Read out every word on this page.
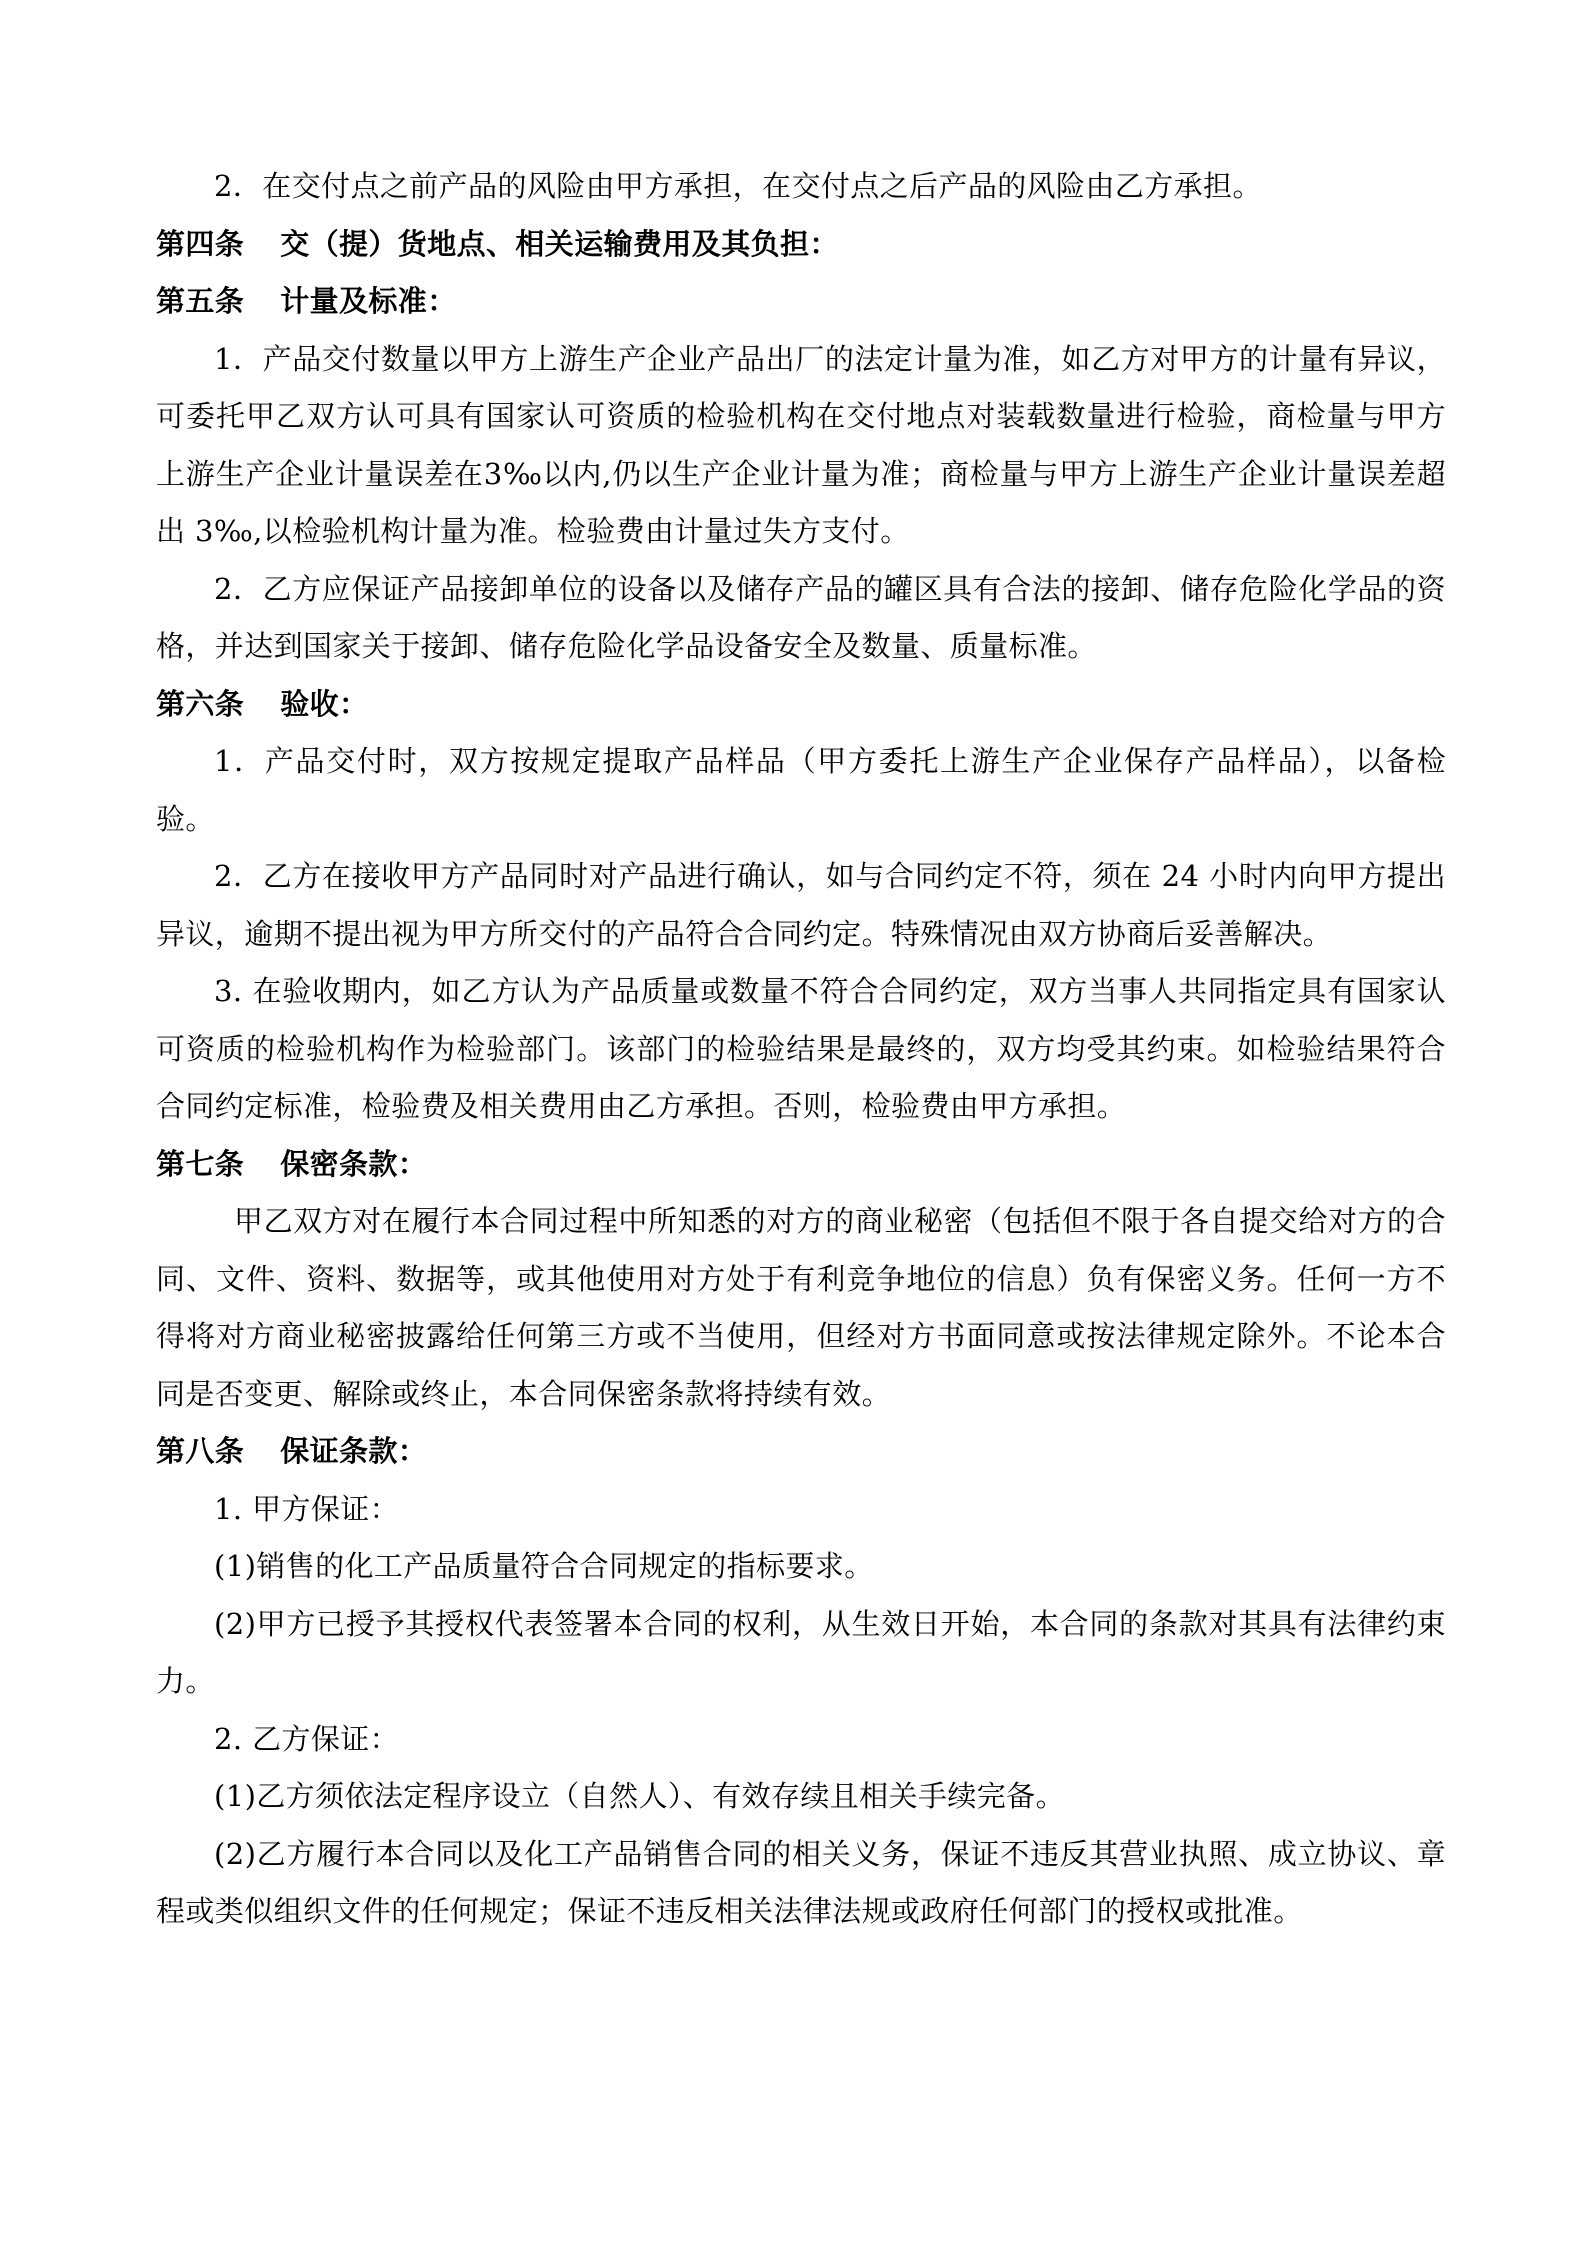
2．在交付点之前产品的风险由甲方承担，在交付点之后产品的风险由乙方承担。

第四条 交（提）货地点、相关运输费用及其负担：

第五条 计量及标准：

1．产品交付数量以甲方上游生产企业产品出厂的法定计量为准，如乙方对甲方的计量有异议， 可委托甲乙双方认可具有国家认可资质的检验机构在交付地点对装载数量进行检验，商检量与甲方上游生产企业计量误差在3‰以内,仍以生产企业计量为准；商检量与甲方上游生产企业计量误差超出 3‰,以检验机构计量为准。检验费由计量过失方支付。

2．乙方应保证产品接卸单位的设备以及储存产品的罐区具有合法的接卸、储存危险化学品的资格，并达到国家关于接卸、储存危险化学品设备安全及数量、质量标准。

第六条 验收：

1．产品交付时，双方按规定提取产品样品（甲方委托上游生产企业保存产品样品），以备检验。

2．乙方在接收甲方产品同时对产品进行确认，如与合同约定不符，须在 24 小时内向甲方提出异议，逾期不提出视为甲方所交付的产品符合合同约定。特殊情况由双方协商后妥善解决。

3. 在验收期内，如乙方认为产品质量或数量不符合合同约定，双方当事人共同指定具有国家认可资质的检验机构作为检验部门。该部门的检验结果是最终的，双方均受其约束。如检验结果符合合同约定标准，检验费及相关费用由乙方承担。否则，检验费由甲方承担。

第七条 保密条款：

甲乙双方对在履行本合同过程中所知悉的对方的商业秘密（包括但不限于各自提交给对方的合同、文件、资料、数据等，或其他使用对方处于有利竞争地位的信息）负有保密义务。任何一方不得将对方商业秘密披露给任何第三方或不当使用，但经对方书面同意或按法律规定除外。不论本合同是否变更、解除或终止，本合同保密条款将持续有效。

第八条 保证条款：

1. 甲方保证：

(1)销售的化工产品质量符合合同规定的指标要求。

(2)甲方已授予其授权代表签署本合同的权利，从生效日开始，本合同的条款对其具有法律约束力。

2. 乙方保证：

(1)乙方须依法定程序设立（自然人）、有效存续且相关手续完备。

(2)乙方履行本合同以及化工产品销售合同的相关义务，保证不违反其营业执照、成立协议、章程或类似组织文件的任何规定；保证不违反相关法律法规或政府任何部门的授权或批准。
